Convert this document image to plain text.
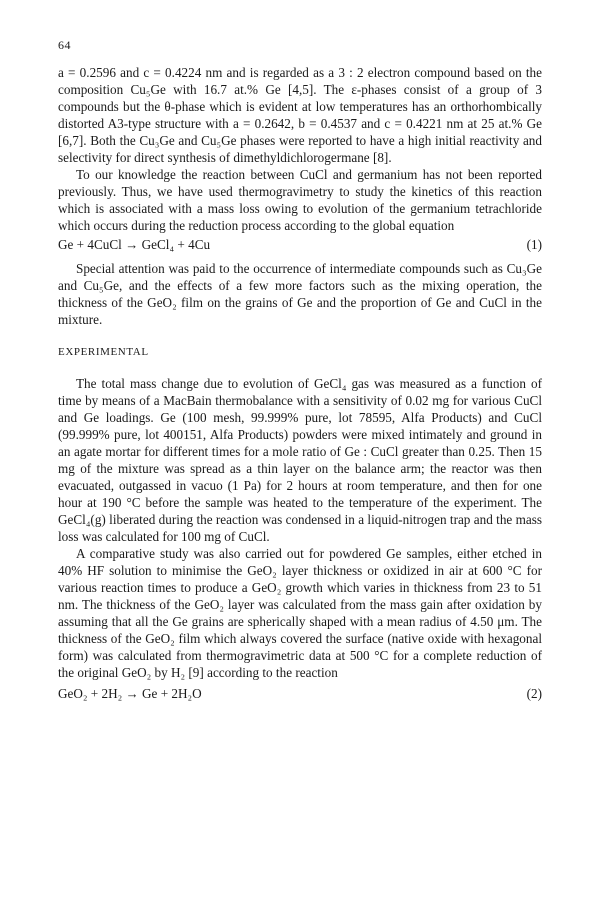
64

a = 0.2596 and c = 0.4224 nm and is regarded as a 3 : 2 electron compound based on the composition Cu₅Ge with 16.7 at.% Ge [4,5]. The ε-phases consist of a group of 3 compounds but the θ-phase which is evident at low temperatures has an orthorhombically distorted A3-type structure with a = 0.2642, b = 0.4537 and c = 0.4221 nm at 25 at.% Ge [6,7]. Both the Cu₃Ge and Cu₅Ge phases were reported to have a high initial reactivity and selectivity for direct synthesis of dimethyldichlorogermane [8].

To our knowledge the reaction between CuCl and germanium has not been reported previously. Thus, we have used thermogravimetry to study the kinetics of this reaction which is associated with a mass loss owing to evolution of the germanium tetrachloride which occurs during the reduction process according to the global equation

Ge + 4CuCl → GeCl₄ + 4Cu	(1)

Special attention was paid to the occurrence of intermediate compounds such as Cu₃Ge and Cu₅Ge, and the effects of a few more factors such as the mixing operation, the thickness of the GeO₂ film on the grains of Ge and the proportion of Ge and CuCl in the mixture.

EXPERIMENTAL

The total mass change due to evolution of GeCl₄ gas was measured as a function of time by means of a MacBain thermobalance with a sensitivity of 0.02 mg for various CuCl and Ge loadings. Ge (100 mesh, 99.999% pure, lot 78595, Alfa Products) and CuCl (99.999% pure, lot 400151, Alfa Products) powders were mixed intimately and ground in an agate mortar for different times for a mole ratio of Ge : CuCl greater than 0.25. Then 15 mg of the mixture was spread as a thin layer on the balance arm; the reactor was then evacuated, outgassed in vacuo (1 Pa) for 2 hours at room temperature, and then for one hour at 190 °C before the sample was heated to the temperature of the experiment. The GeCl₄(g) liberated during the reaction was condensed in a liquid-nitrogen trap and the mass loss was calculated for 100 mg of CuCl.

A comparative study was also carried out for powdered Ge samples, either etched in 40% HF solution to minimise the GeO₂ layer thickness or oxidized in air at 600 °C for various reaction times to produce a GeO₂ growth which varies in thickness from 23 to 51 nm. The thickness of the GeO₂ layer was calculated from the mass gain after oxidation by assuming that all the Ge grains are spherically shaped with a mean radius of 4.50 μm. The thickness of the GeO₂ film which always covered the surface (native oxide with hexagonal form) was calculated from thermogravimetric data at 500 °C for a complete reduction of the original GeO₂ by H₂ [9] according to the reaction

GeO₂ + 2H₂ → Ge + 2H₂O	(2)
